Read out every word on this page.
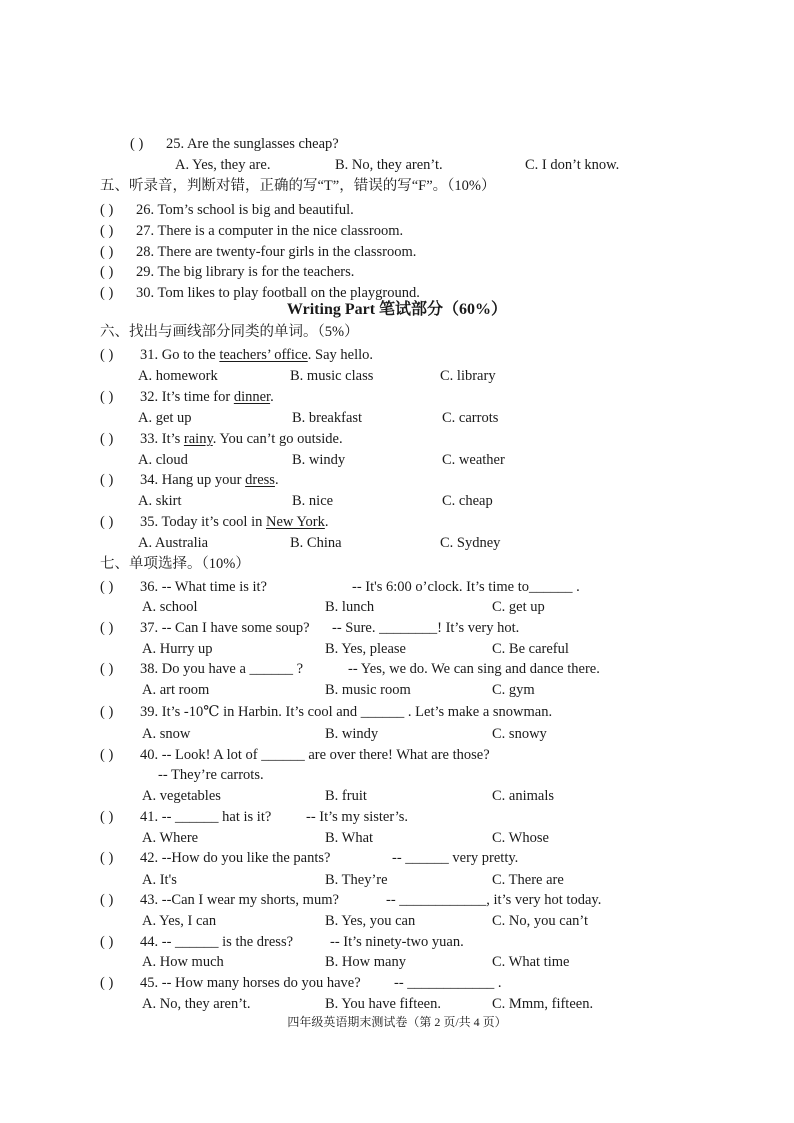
( ) 25. Are the sunglasses cheap?
A. Yes, they are.	B. No, they aren’t.	C. I don’t know.
五、听录音，判断对错，正确的写“T”，错误的写“F”。（10%）
( ) 26. Tom’s school is big and beautiful.
( ) 27. There is a computer in the nice classroom.
( ) 28. There are twenty-four girls in the classroom.
( ) 29. The big library is for the teachers.
( ) 30. Tom likes to play football on the playground.
Writing Part 笔试部分（60%）
六、找出与画线部分同类的单词。（5%）
( ) 31. Go to the teachers’ office. Say hello.
A. homework	B. music class	C. library
( ) 32. It’s time for dinner.
A. get up	B. breakfast	C. carrots
( ) 33. It’s rainy. You can’t go outside.
A. cloud	B. windy	C. weather
( ) 34. Hang up your dress.
A. skirt	B. nice	C. cheap
( ) 35. Today it’s cool in New York.
A. Australia	B. China	C. Sydney
七、单项选择。（10%）
( ) 36. -- What time is it?	-- It's 6:00 o’clock. It’s time to______ .
A. school	B. lunch	C. get up
( ) 37. -- Can I have some soup? -- Sure. ________! It’s very hot.
A. Hurry up	B. Yes, please	C. Be careful
( ) 38. Do you have a ______ ?	-- Yes, we do. We can sing and dance there.
A. art room	B. music room	C. gym
( ) 39. It’s -10℃ in Harbin. It’s cool and ______ . Let’s make a snowman.
A. snow	B. windy	C. snowy
( ) 40. -- Look! A lot of ______ are over there! What are those?
-- They’re carrots.
A. vegetables	B. fruit	C. animals
( ) 41. -- ______ hat is it? -- It’s my sister’s.
A. Where	B. What	C. Whose
( ) 42. --How do you like the pants?	-- ______ very pretty.
A. It's	B. They’re	C. There are
( ) 43. --Can I wear my shorts, mum?	-- ____________, it’s very hot today.
A. Yes, I can	B. Yes, you can	C. No, you can’t
( ) 44. -- ______ is the dress?	-- It’s ninety-two yuan.
A. How much	B. How many	C. What time
( ) 45. -- How many horses do you have? -- ____________ .
A. No, they aren’t.	B. You have fifteen.	C. Mmm, fifteen.
四年级英语期末测试卷（第 2 页/共 4 页）
